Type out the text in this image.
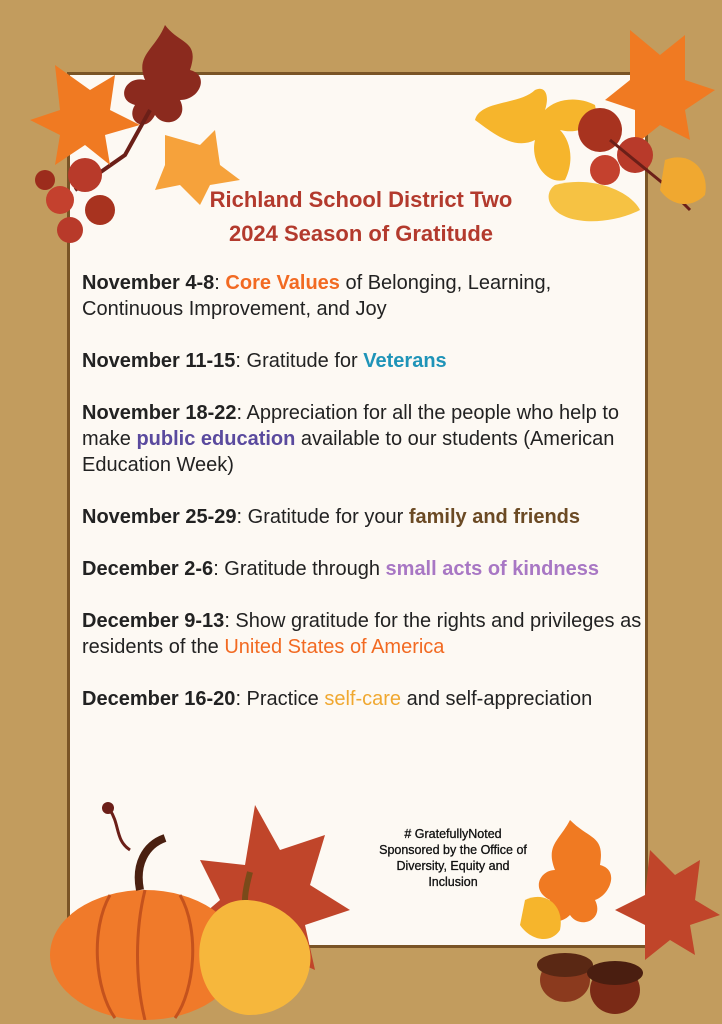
Richland School District Two
2024 Season of Gratitude
November 4-8: Core Values of Belonging, Learning, Continuous Improvement, and Joy
November 11-15: Gratitude for Veterans
November 18-22: Appreciation for all the people who help to make public education available to our students (American Education Week)
November 25-29: Gratitude for your family and friends
December 2-6: Gratitude through small acts of kindness
December 9-13: Show gratitude for the rights and privileges as residents of the United States of America
December 16-20: Practice self-care and self-appreciation
# GratefullyNoted
Sponsored by the Office of
Diversity, Equity and
Inclusion
